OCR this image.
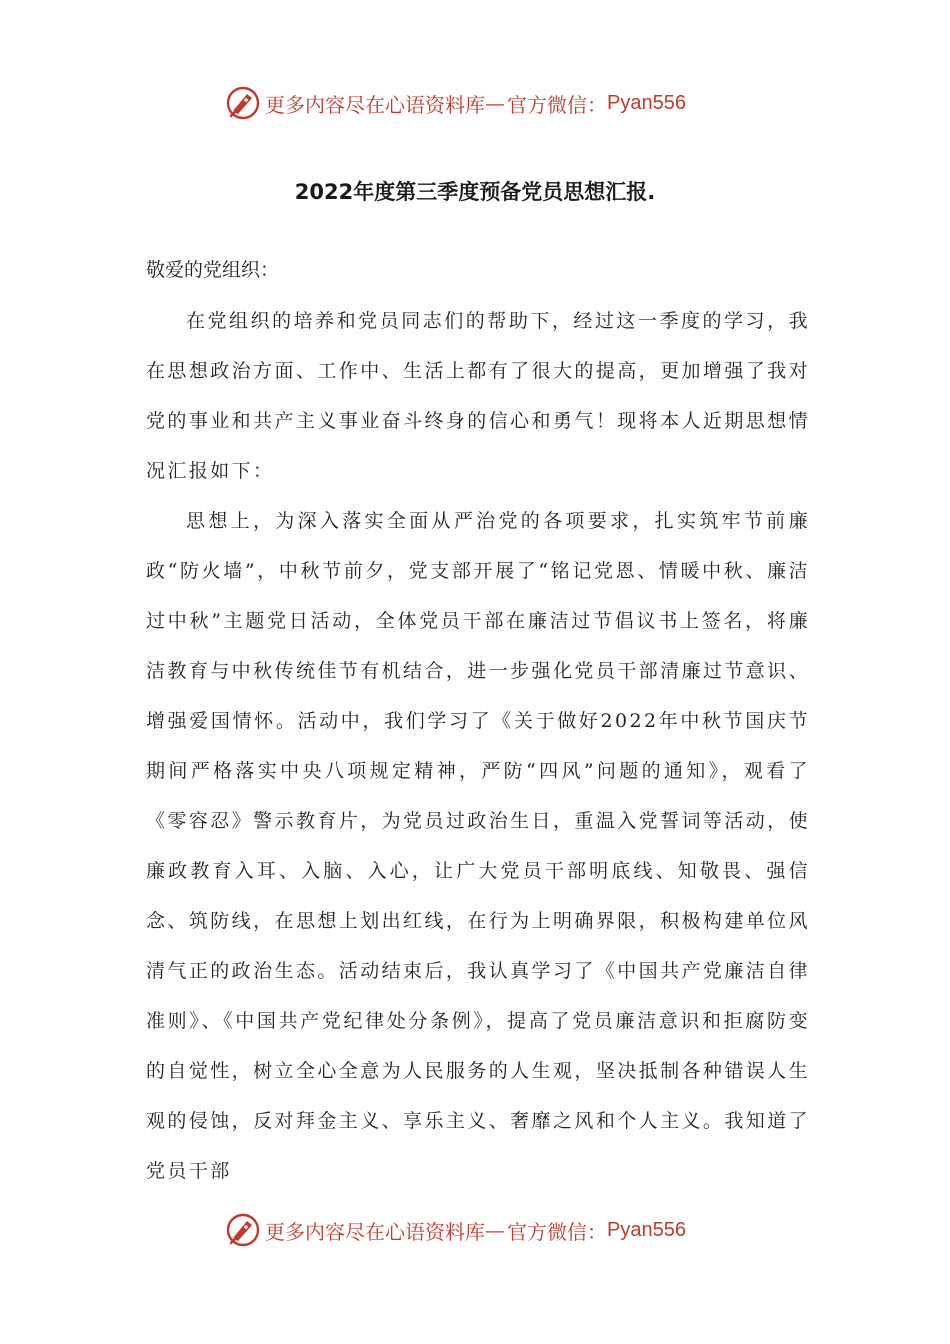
更多内容尽在心语资料库 — 官方微信： Pyan556
2022年度第三季度预备党员思想汇报.
敬爱的党组织：

在党组织的培养和党员同志们的帮助下，经过这一季度的学习，我在思想政治方面、工作中、生活上都有了很大的提高，更加增强了我对党的事业和共产主义事业奋斗终身的信心和勇气！现将本人近期思想情况汇报如下：

思想上，为深入落实全面从严治党的各项要求，扎实筑牢节前廉政“防火墙”，中秋节前夕，党支部开展了“铭记党恩、情暖中秋、廉洁过中秋”主题党日活动，全体党员干部在廉洁过节倡议书上签名，将廉洁教育与中秋传统佳节有机结合，进一步强化党员干部清廉过节意识、增强爱国情怀。活动中，我们学习了《关于做好2022年中秋节国庆节期间严格落实中央八项规定精神，严防“四风”问题的通知》，观看了《零容忍》警示教育片，为党员过政治生日，重温入党誓词等活动，使廉政教育入耳、入脑、入心，让广大党员干部明底线、知敬畏、强信念、筑防线，在思想上划出红线，在行为上明确界限，积极构建单位风清气正的政治生态。活动结束后，我认真学习了《中国共产党廉洁自律准则》、《中国共产党纪律处分条例》，提高了党员廉洁意识和拒腐防变的自觉性，树立全心全意为人民服务的人生观，坚决抵制各种错误人生观的侵蚀，反对拜金主义、享乐主义、奢靡之风和个人主义。我知道了党员干部

更多内容尽在心语资料库 — 官方微信： Pyan556
